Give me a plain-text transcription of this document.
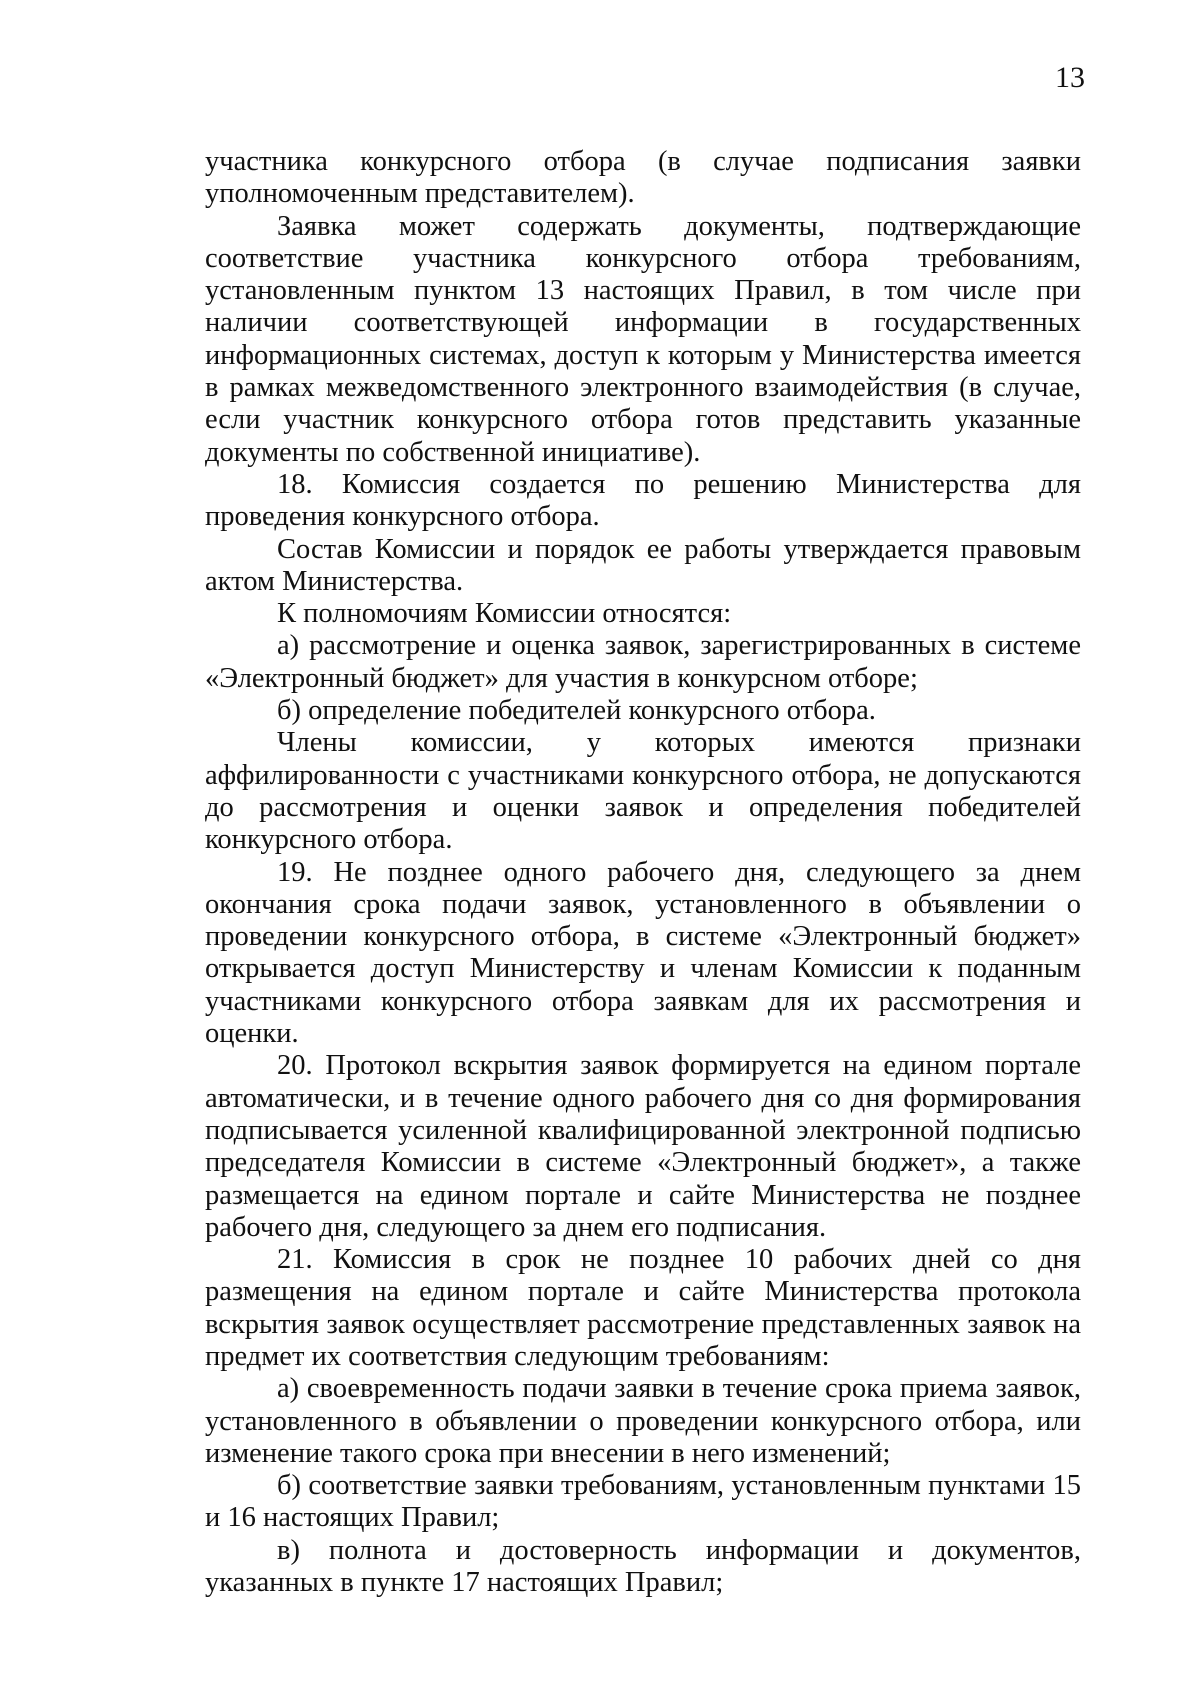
13

участника конкурсного отбора (в случае подписания заявки уполномоченным представителем).

Заявка может содержать документы, подтверждающие соответствие участника конкурсного отбора требованиям, установленным пунктом 13 настоящих Правил, в том числе при наличии соответствующей информации в государственных информационных системах, доступ к которым у Министерства имеется в рамках межведомственного электронного взаимодействия (в случае, если участник конкурсного отбора готов представить указанные документы по собственной инициативе).

18. Комиссия создается по решению Министерства для проведения конкурсного отбора.

Состав Комиссии и порядок ее работы утверждается правовым актом Министерства.

К полномочиям Комиссии относятся:

а) рассмотрение и оценка заявок, зарегистрированных в системе «Электронный бюджет» для участия в конкурсном отборе;

б) определение победителей конкурсного отбора.

Члены комиссии, у которых имеются признаки аффилированности с участниками конкурсного отбора, не допускаются до рассмотрения и оценки заявок и определения победителей конкурсного отбора.

19. Не позднее одного рабочего дня, следующего за днем окончания срока подачи заявок, установленного в объявлении о проведении конкурсного отбора, в системе «Электронный бюджет» открывается доступ Министерству и членам Комиссии к поданным участниками конкурсного отбора заявкам для их рассмотрения и оценки.

20. Протокол вскрытия заявок формируется на едином портале автоматически, и в течение одного рабочего дня со дня формирования подписывается усиленной квалифицированной электронной подписью председателя Комиссии в системе «Электронный бюджет», а также размещается на едином портале и сайте Министерства не позднее рабочего дня, следующего за днем его подписания.

21. Комиссия в срок не позднее 10 рабочих дней со дня размещения на едином портале и сайте Министерства протокола вскрытия заявок осуществляет рассмотрение представленных заявок на предмет их соответствия следующим требованиям:

а) своевременность подачи заявки в течение срока приема заявок, установленного в объявлении о проведении конкурсного отбора, или изменение такого срока при внесении в него изменений;

б) соответствие заявки требованиям, установленным пунктами 15 и 16 настоящих Правил;

в) полнота и достоверность информации и документов, указанных в пункте 17 настоящих Правил;
